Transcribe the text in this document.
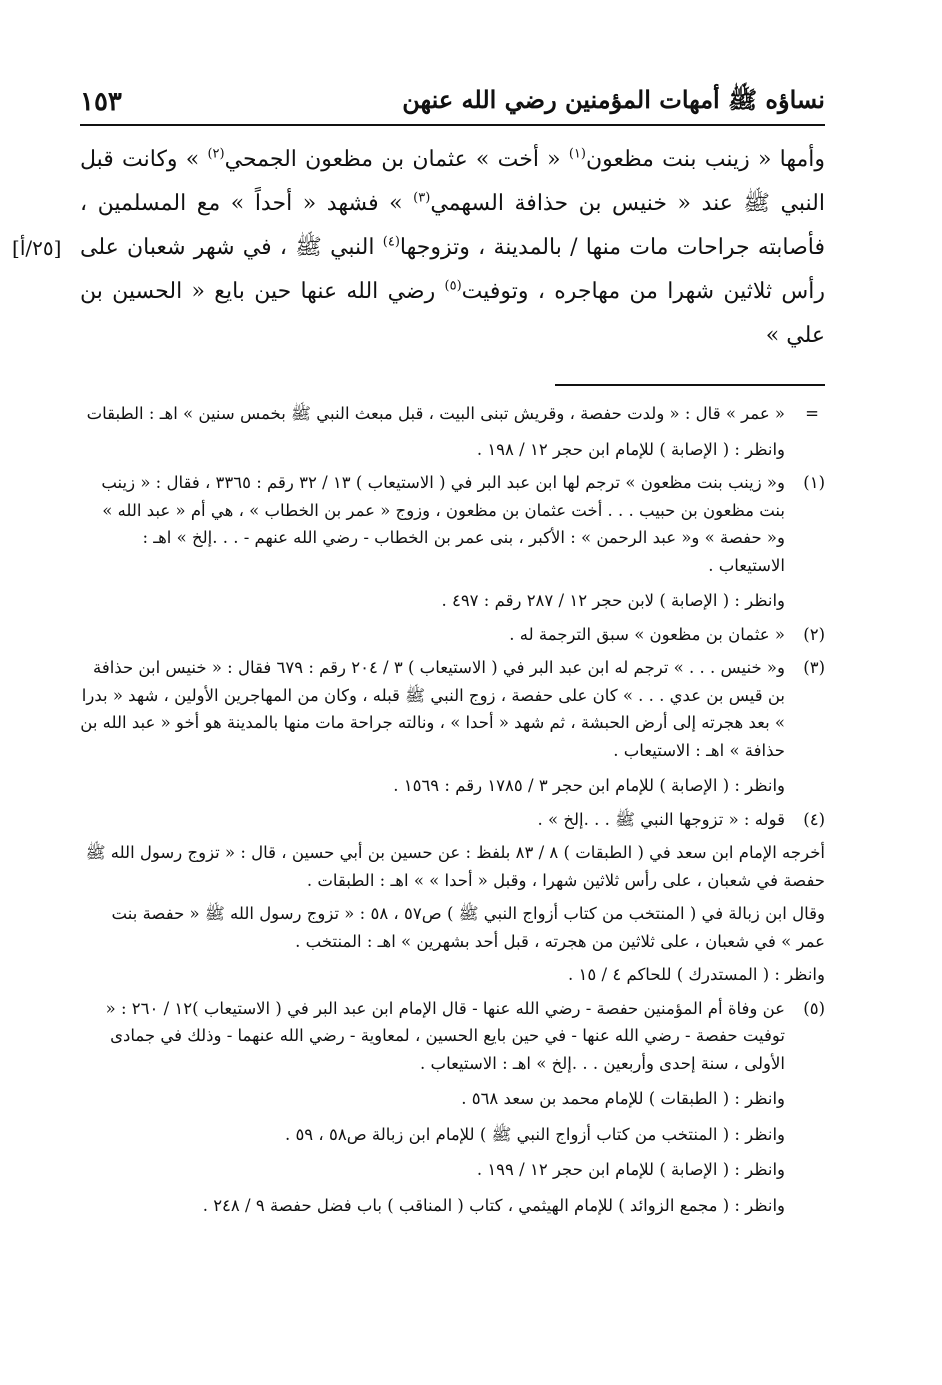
نساؤه ﷺ أمهات المؤمنين رضي الله عنهن
١٥٣
[٢٥/أ]

وأمها « زينب بنت مظعون$^{(١)}$ « أخت » عثمان بن مظعون الجمحي$^{(٢)}$ » وكانت قبل النبي ﷺ عند « خنيس بن حذافة السهمي$^{(٣)}$ » فشهد « أحداً » مع المسلمين ، فأصابته جراحات مات منها / بالمدينة ، وتزوجها$^{(٤)}$ النبي ﷺ ، في شهر شعبان على رأس ثلاثين شهرا من مهاجره ، وتوفيت$^{(٥)}$ رضي الله عنها حين بايع « الحسين بن علي »

=

« عمر » قال : « ولدت حفصة ، وقريش تبنى البيت ، قبل مبعث النبي ﷺ بخمس سنين » اهـ : الطبقات

وانظر : ( الإصابة ) للإمام ابن حجر ١٢ / ١٩٨ .

(١)

و« زينب بنت مظعون » ترجم لها ابن عبد البر في ( الاستيعاب ) ١٣ / ٣٢ رقم : ٣٣٦٥ ، فقال : « زينب بنت مظعون بن حبيب . . . أخت عثمان بن مظعون ، وزوج « عمر بن الخطاب » ، هي أم « عبد الله » و« حفصة » و« عبد الرحمن » : الأكبر ، بنى عمر بن الخطاب - رضي الله عنهم - . . .إلخ » اهـ : الاستيعاب .

وانظر : ( الإصابة ) لابن حجر ١٢ / ٢٨٧ رقم : ٤٩٧ .

(٢)

« عثمان بن مظعون » سبق الترجمة له .

(٣)

و« خنيس . . . » ترجم له ابن عبد البر في ( الاستيعاب ) ٣ / ٢٠٤ رقم : ٦٧٩ فقال : « خنيس ابن حذافة بن قيس بن عدي . . . » كان على حفصة ، زوج النبي ﷺ قبله ، وكان من المهاجرين الأولين ، شهد « بدرا » بعد هجرته إلى أرض الحبشة ، ثم شهد « أحدا » ، ونالته جراحة مات منها بالمدينة هو أخو « عبد الله بن حذافة » اهـ : الاستيعاب .

وانظر : ( الإصابة ) للإمام ابن حجر ٣ / ١٧٨٥ رقم : ١٥٦٩ .

(٤)

قوله : « تزوجها النبي ﷺ . . .إلخ » .

أخرجه الإمام ابن سعد في ( الطبقات ) ٨ / ٨٣ بلفظ : عن حسين بن أبي حسين ، قال : « تزوج رسول الله ﷺ حفصة في شعبان ، على رأس ثلاثين شهرا ، وقبل « أحدا » » اهـ : الطبقات .

وقال ابن زبالة في ( المنتخب من كتاب أزواج النبي ﷺ ) ص٥٧ ، ٥٨ : « تزوج رسول الله ﷺ « حفصة بنت عمر » في شعبان ، على ثلاثين من هجرته ، قبل أحد بشهرين » اهـ : المنتخب .

وانظر : ( المستدرك ) للحاكم ٤ / ١٥ .

(٥)

عن وفاة أم المؤمنين حفصة - رضي الله عنها - قال الإمام ابن عبد البر في ( الاستيعاب )١٢ / ٢٦٠ : « توفيت حفصة - رضي الله عنها - في حين بايع الحسين ، لمعاوية - رضي الله عنهما - وذلك في جمادى الأولى ، سنة إحدى وأربعين . . .إلخ » اهـ : الاستيعاب .

وانظر : ( الطبقات ) للإمام محمد بن سعد ٥٦٨ .

وانظر : ( المنتخب من كتاب أزواج النبي ﷺ ) للإمام ابن زبالة ص٥٨ ، ٥٩ .

وانظر : ( الإصابة ) للإمام ابن حجر ١٢ / ١٩٩ .

وانظر : ( مجمع الزوائد ) للإمام الهيثمي ، كتاب ( المناقب ) باب فضل حفصة ٩ / ٢٤٨ .
